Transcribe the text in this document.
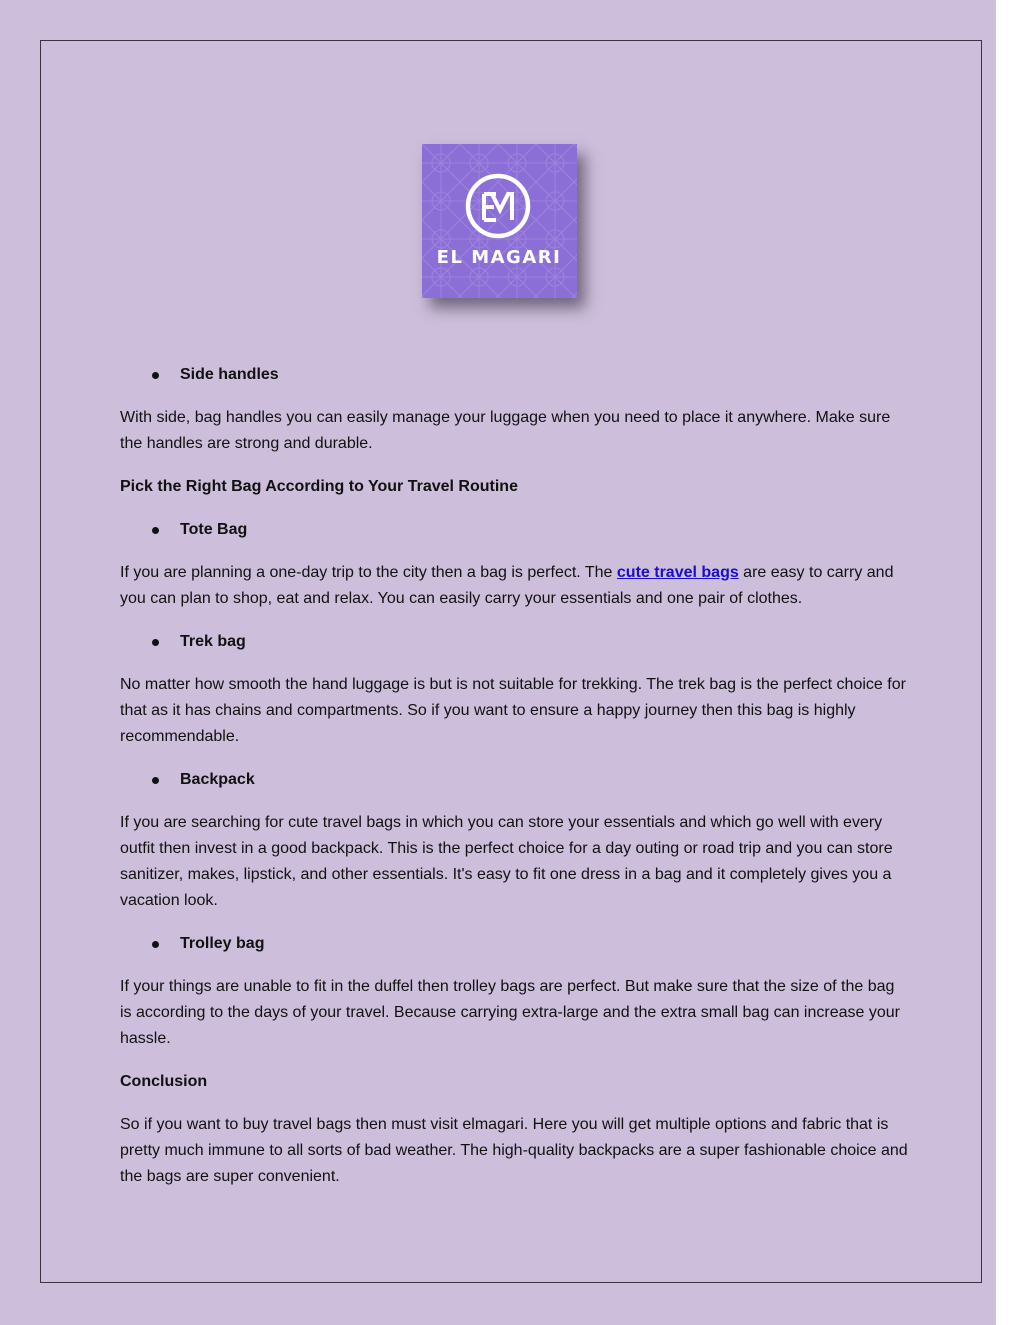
EL MAGARI
Side handles

With side, bag handles you can easily manage your luggage when you need to place it anywhere. Make sure the handles are strong and durable.

Pick the Right Bag According to Your Travel Routine

Tote Bag

If you are planning a one-day trip to the city then a bag is perfect. The cute travel bags are easy to carry and you can plan to shop, eat and relax. You can easily carry your essentials and one pair of clothes.

Trek bag

No matter how smooth the hand luggage is but is not suitable for trekking. The trek bag is the perfect choice for that as it has chains and compartments. So if you want to ensure a happy journey then this bag is highly recommendable.

Backpack

If you are searching for cute travel bags in which you can store your essentials and which go well with every outfit then invest in a good backpack. This is the perfect choice for a day outing or road trip and you can store sanitizer, makes, lipstick, and other essentials. It's easy to fit one dress in a bag and it completely gives you a vacation look.

Trolley bag

If your things are unable to fit in the duffel then trolley bags are perfect. But make sure that the size of the bag is according to the days of your travel. Because carrying extra-large and the extra small bag can increase your hassle.

Conclusion

So if you want to buy travel bags then must visit elmagari. Here you will get multiple options and fabric that is pretty much immune to all sorts of bad weather. The high-quality backpacks are a super fashionable choice and the bags are super convenient.
